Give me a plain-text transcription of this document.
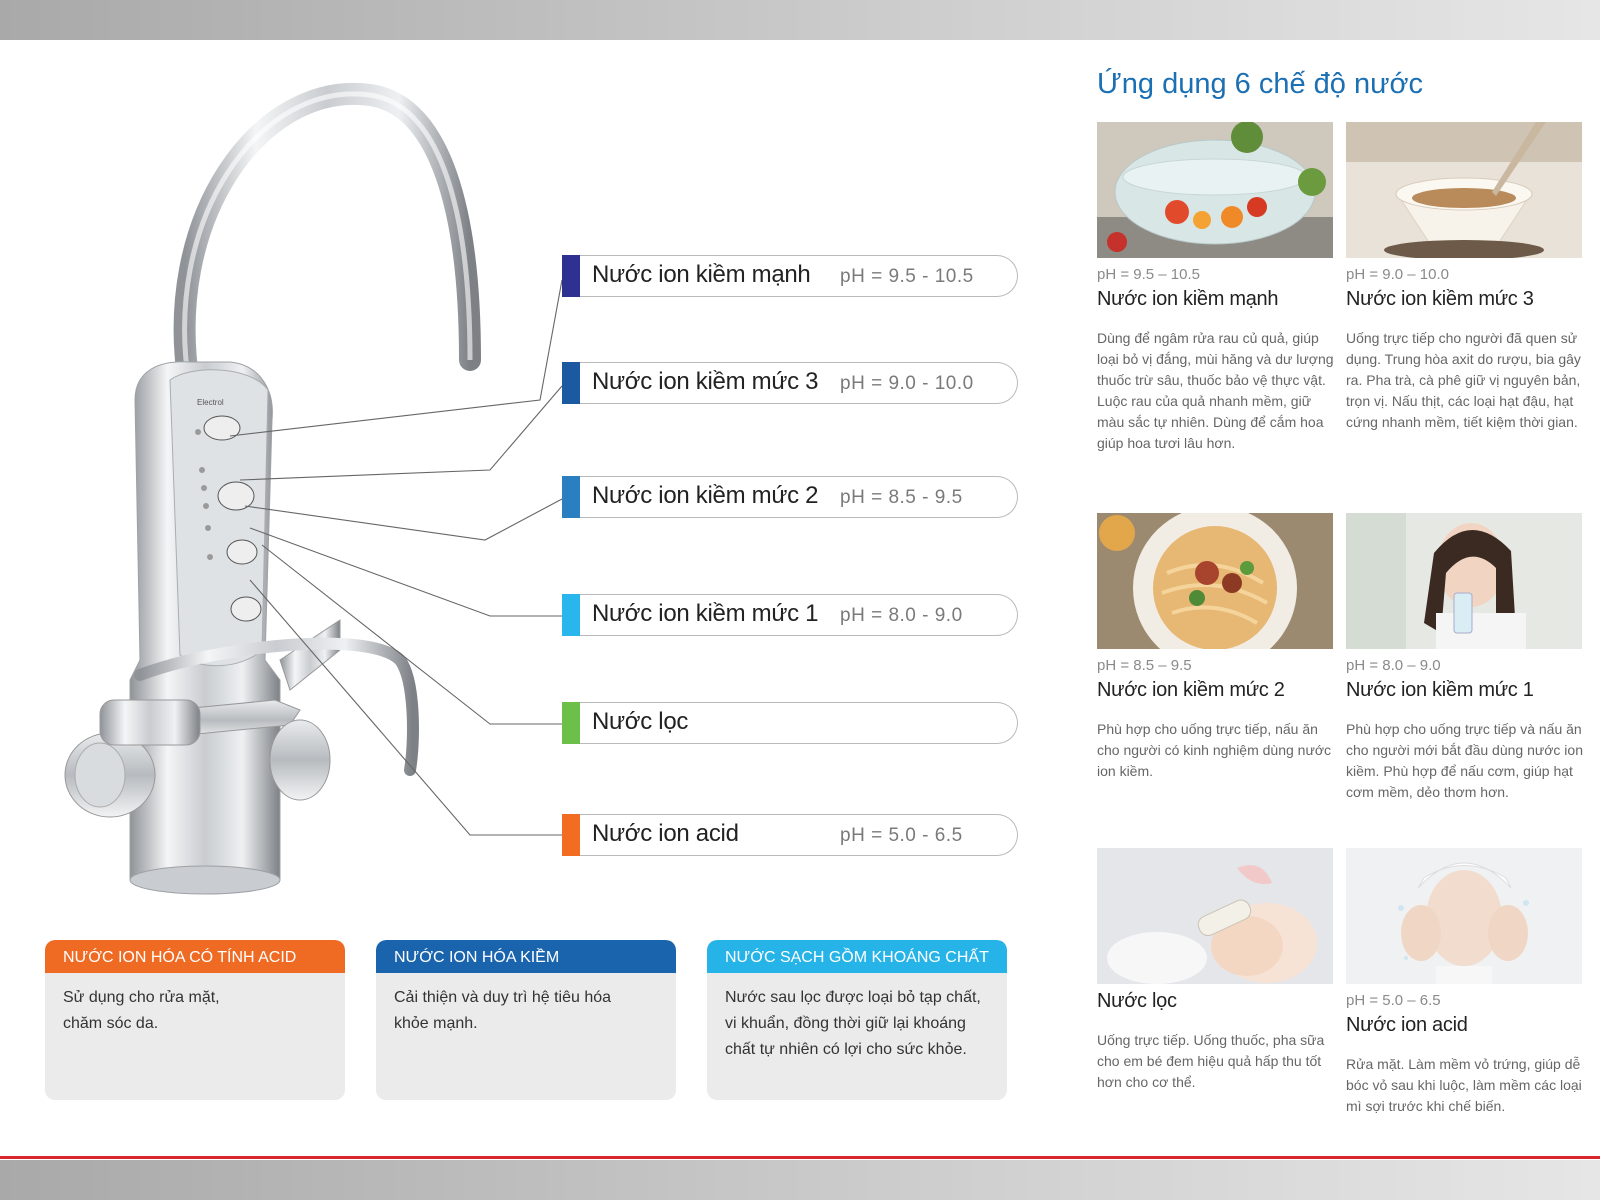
Electrol
Nước ion kiềm mạnh pH = 9.5 - 10.5
Nước ion kiềm mức 3 pH = 9.0 - 10.0
Nước ion kiềm mức 2 pH = 8.5 - 9.5
Nước ion kiềm mức 1 pH = 8.0 - 9.0
Nước lọc
Nước ion acid	pH = 5.0 - 6.5
NƯỚC ION HÓA CÓ TÍNH ACID
Sử dụng cho rửa mặt, chăm sóc da.
NƯỚC ION HÓA KIỀM
Cải thiện và duy trì hệ tiêu hóa khỏe mạnh.
NƯỚC SẠCH GỒM KHOÁNG CHẤT
Nước sau lọc được loại bỏ tạp chất, vi khuẩn, đồng thời giữ lại khoáng chất tự nhiên có lợi cho sức khỏe.
Ứng dụng 6 chế độ nước
pH = 9.5 – 10.5
Nước ion kiềm mạnh
Dùng để ngâm rửa rau củ quả, giúp loại bỏ vị đắng, mùi hăng và dư lượng thuốc trừ sâu, thuốc bảo vệ thực vật. Luộc rau của quả nhanh mềm, giữ màu sắc tự nhiên. Dùng để cắm hoa giúp hoa tươi lâu hơn.
pH = 9.0 – 10.0
Nước ion kiềm mức 3
Uống trực tiếp cho người đã quen sử dụng. Trung hòa axit do rượu, bia gây ra. Pha trà, cà phê giữ vị nguyên bản, trọn vị. Nấu thịt, các loại hạt đậu, hạt cứng nhanh mềm, tiết kiệm thời gian.
pH = 8.5 – 9.5
Nước ion kiềm mức 2
Phù hợp cho uống trực tiếp, nấu ăn cho người có kinh nghiệm dùng nước ion kiềm.
pH = 8.0 – 9.0
Nước ion kiềm mức 1
Phù hợp cho uống trực tiếp và nấu ăn cho người mới bắt đầu dùng nước ion kiềm. Phù hợp để nấu cơm, giúp hạt cơm mềm, dẻo thơm hơn.
Nước lọc
Uống trực tiếp. Uống thuốc, pha sữa cho em bé đem hiệu quả hấp thu tốt hơn cho cơ thể.
pH = 5.0 – 6.5
Nước ion acid
Rửa mặt. Làm mềm vỏ trứng, giúp dễ bóc vỏ sau khi luộc, làm mềm các loại mì sợi trước khi chế biến.
